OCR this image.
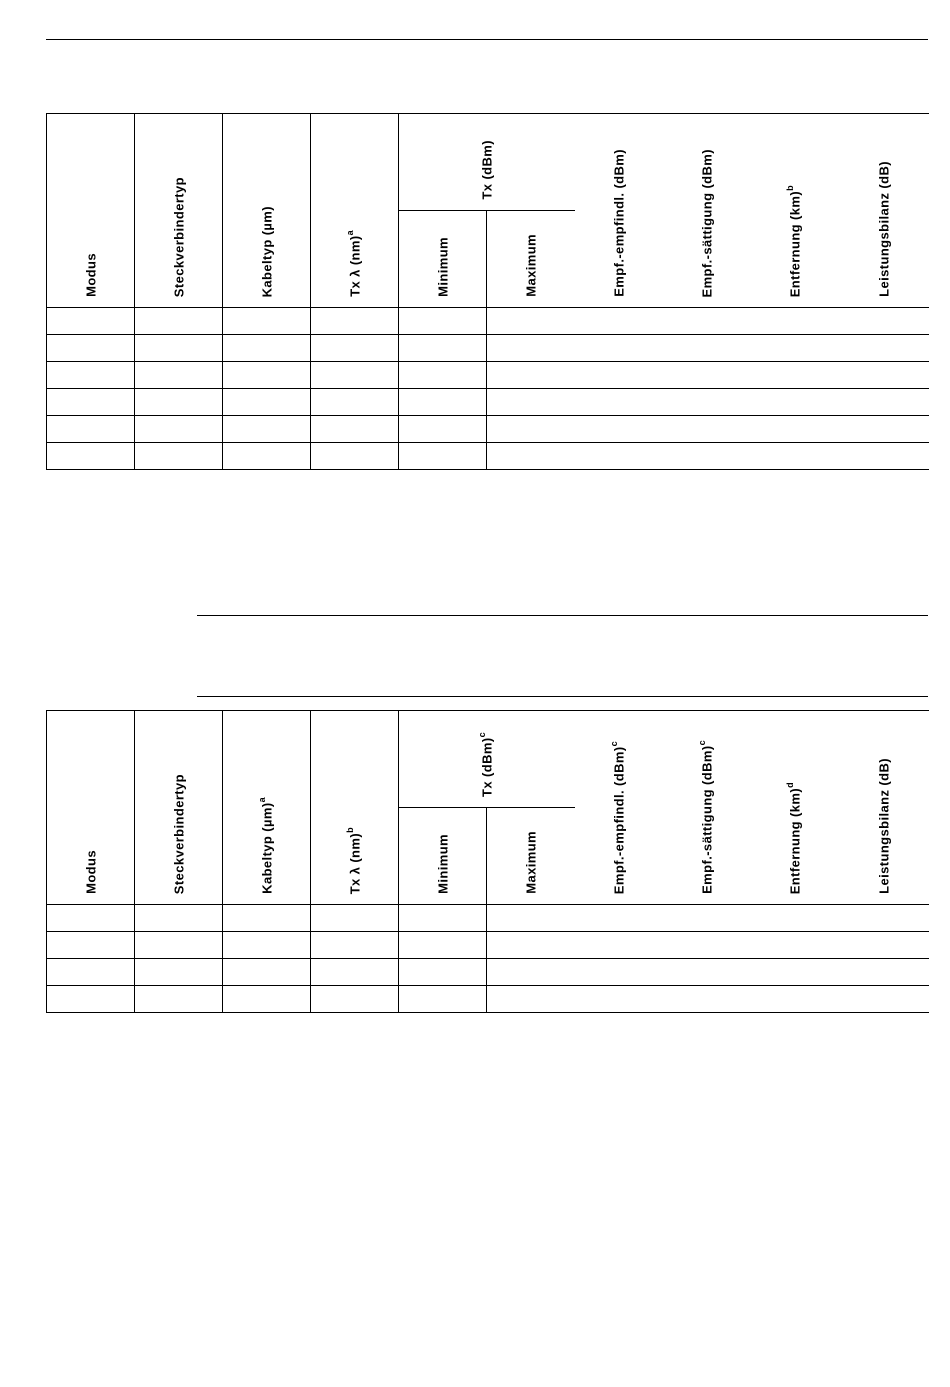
Modus	Steckverbindertyp	Kabeltyp (µm)	Tx λ (nm)$^a$	Tx (dBm)		Empf.-empfindl. (dBm)	Empf.-sättigung (dBm)	Entfernung (km)$^b$	Leistungsbilanz (dB)

				Minimum	Maximum				

Modus	Steckverbindertyp	Kabeltyp $(\mu m)^a$	Tx λ (nm)$^b$	Tx (dBm)$^c$		Empf.-empfindl. (dBm)$^c$	Empf.-sättigung (dBm)$^c$	Entfernung (km)$^d$	Leistungsbilanz (dB)

				Minimum	Maximum				
